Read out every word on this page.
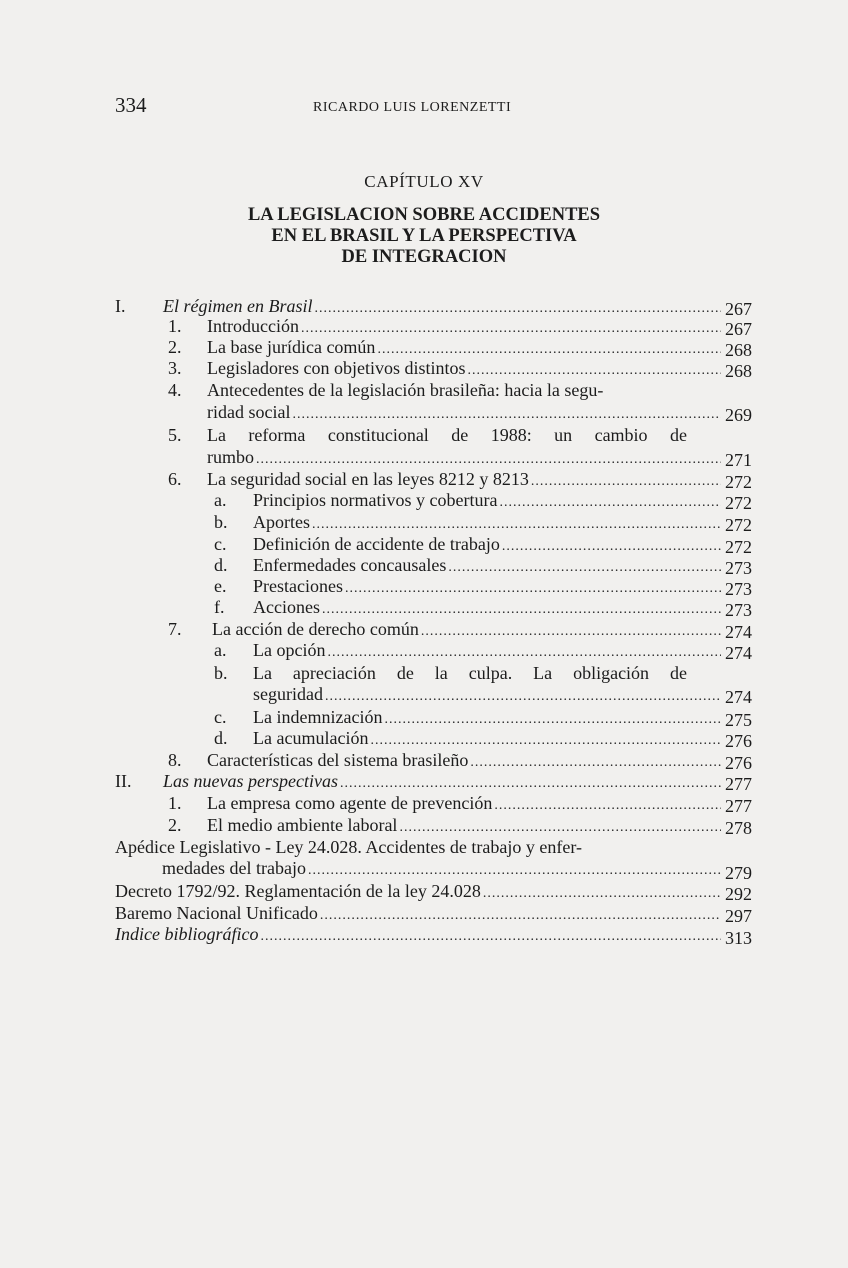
334	RICARDO LUIS LORENZETTI
CAPÍTULO XV
LA LEGISLACION SOBRE ACCIDENTES
EN EL BRASIL Y LA PERSPECTIVA
DE INTEGRACION
I. El régimen en Brasil .....	267
1. Introducción .....	267
2. La base jurídica común .....	268
3. Legisladores con objetivos distintos .....	268
4. Antecedentes de la legislación brasileña: hacia la segu-
ridad social .....	269
5. La reforma constitucional de 1988: un cambio de
rumbo .....	271
6. La seguridad social en las leyes 8212 y 8213 .....	272
a. Principios normativos y cobertura .....	272
b. Aportes .....	272
c. Definición de accidente de trabajo .....	272
d. Enfermedades concausales .....	273
e. Prestaciones .....	273
f. Acciones .....	273
7. La acción de derecho común .....	274
a. La opción .....	274
b. La apreciación de la culpa. La obligación de
seguridad .....	274
c. La indemnización .....	275
d. La acumulación .....	276
8. Características del sistema brasileño .....	276
II. Las nuevas perspectivas .....	277
1. La empresa como agente de prevención .....	277
2. El medio ambiente laboral .....	278
Apédice Legislativo - Ley 24.028. Accidentes de trabajo y enfer-
medades del trabajo .....	279
Decreto 1792/92. Reglamentación de la ley 24.028 .....	292
Baremo Nacional Unificado .....	297
Indice bibliográfico .....	313
